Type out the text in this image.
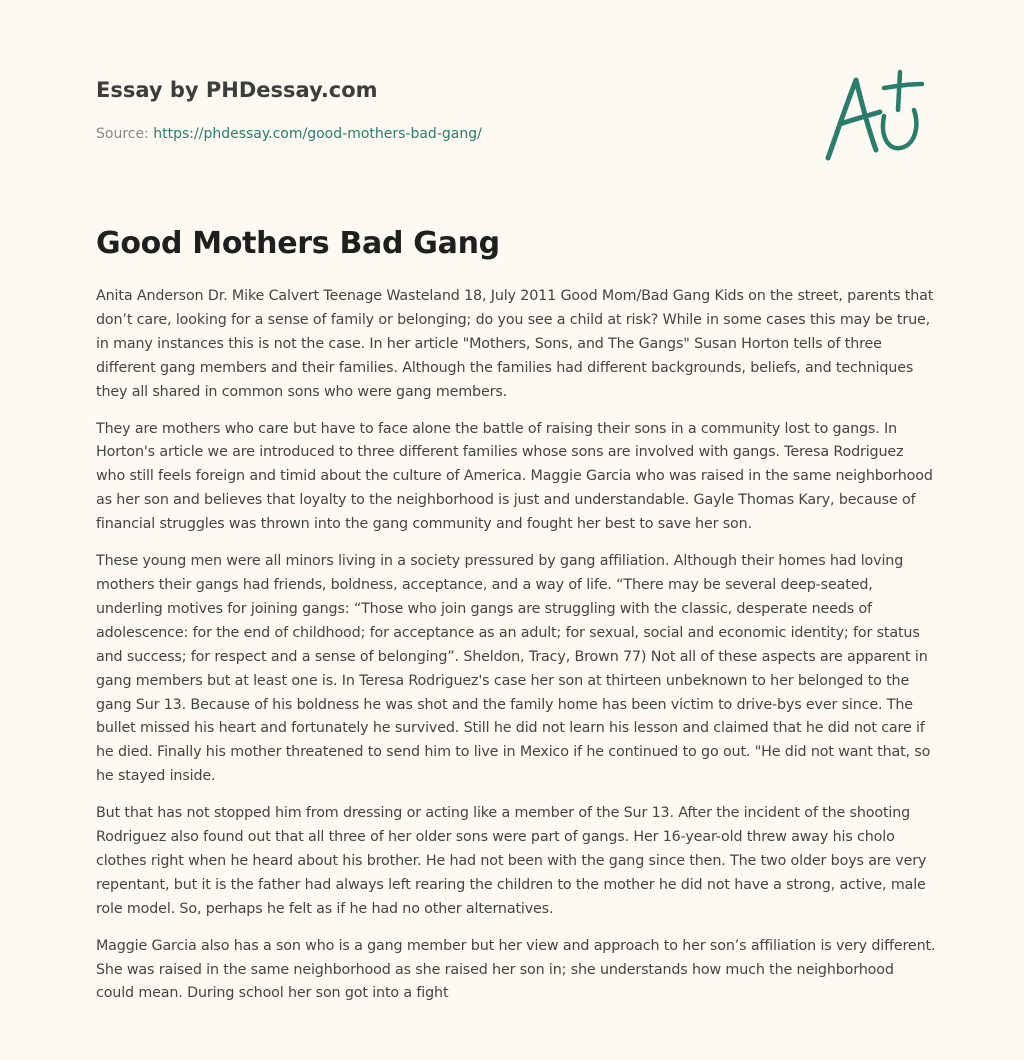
Essay by PHDessay.com
Source: https://phdessay.com/good-mothers-bad-gang/
Good Mothers Bad Gang

Anita Anderson Dr. Mike Calvert Teenage Wasteland 18, July 2011 Good Mom/Bad Gang Kids on the street, parents that don’t care, looking for a sense of family or belonging; do you see a child at risk? While in some cases this may be true, in many instances this is not the case. In her article "Mothers, Sons, and The Gangs" Susan Horton tells of three different gang members and their families. Although the families had different backgrounds, beliefs, and techniques they all shared in common sons who were gang members.

They are mothers who care but have to face alone the battle of raising their sons in a community lost to gangs. In Horton's article we are introduced to three different families whose sons are involved with gangs. Teresa Rodriguez who still feels foreign and timid about the culture of America. Maggie Garcia who was raised in the same neighborhood as her son and believes that loyalty to the neighborhood is just and understandable. Gayle Thomas Kary, because of financial struggles was thrown into the gang community and fought her best to save her son.

These young men were all minors living in a society pressured by gang affiliation. Although their homes had loving mothers their gangs had friends, boldness, acceptance, and a way of life. “There may be several deep-seated, underling motives for joining gangs: “Those who join gangs are struggling with the classic, desperate needs of adolescence: for the end of childhood; for acceptance as an adult; for sexual, social and economic identity; for status and success; for respect and a sense of belonging”. Sheldon, Tracy, Brown 77) Not all of these aspects are apparent in gang members but at least one is. In Teresa Rodriguez's case her son at thirteen unbeknown to her belonged to the gang Sur 13. Because of his boldness he was shot and the family home has been victim to drive-bys ever since. The bullet missed his heart and fortunately he survived. Still he did not learn his lesson and claimed that he did not care if he died. Finally his mother threatened to send him to live in Mexico if he continued to go out. "He did not want that, so he stayed inside.

But that has not stopped him from dressing or acting like a member of the Sur 13. After the incident of the shooting Rodriguez also found out that all three of her older sons were part of gangs. Her 16-year-old threw away his cholo clothes right when he heard about his brother. He had not been with the gang since then. The two older boys are very repentant, but it is the father had always left rearing the children to the mother he did not have a strong, active, male role model. So, perhaps he felt as if he had no other alternatives.

Maggie Garcia also has a son who is a gang member but her view and approach to her son’s affiliation is very different. She was raised in the same neighborhood as she raised her son in; she understands how much the neighborhood could mean. During school her son got into a fight
